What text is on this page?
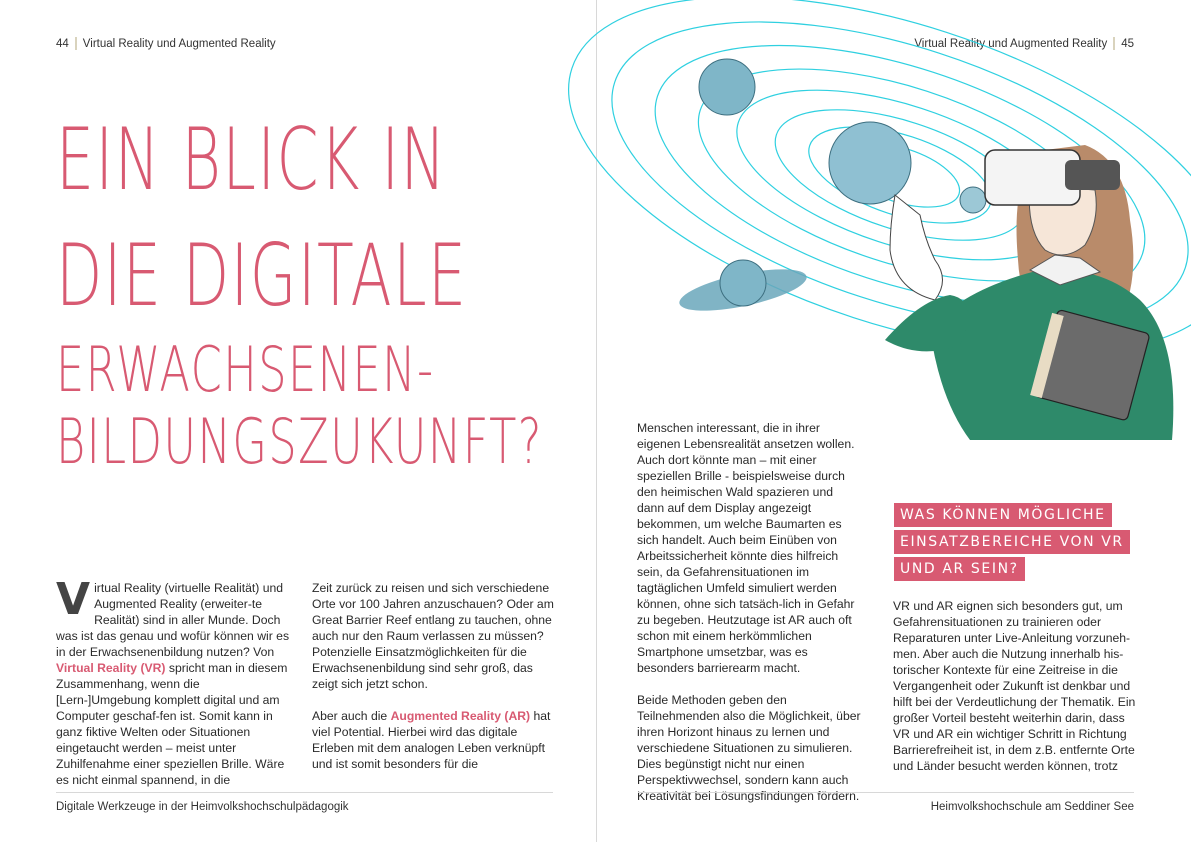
44 Virtual Reality und Augmented Reality
EIN BLICK IN
DIE DIGITALE
ERWACHSENEN-
BILDUNGSZUKUNFT?

Virtual Reality (virtuelle Realität) und Augmented Reality (erweiter-te Realität) sind in aller Munde. Doch was ist das genau und wofür können wir es in der Erwachsenenbildung nutzen? Von Virtual Reality (VR) spricht man in diesem Zusammenhang, wenn die [Lern-]Umgebung komplett digital und am Computer geschaf-fen ist. Somit kann in ganz fiktive Welten oder Situationen eingetaucht werden – meist unter Zuhilfenahme einer speziellen Brille. Wäre es nicht einmal spannend, in die

Zeit zurück zu reisen und sich verschiedene Orte vor 100 Jahren anzuschauen? Oder am Great Barrier Reef entlang zu tauchen, ohne auch nur den Raum verlassen zu müssen? Potenzielle Einsatzmöglichkeiten für die Erwachsenenbildung sind sehr groß, das zeigt sich jetzt schon.

Aber auch die Augmented Reality (AR) hat viel Potential. Hierbei wird das digitale Erleben mit dem analogen Leben verknüpft und ist somit besonders für die

Digitale Werkzeuge in der Heimvolkshochschulpädagogik
Virtual Reality und Augmented Reality 45

Menschen interessant, die in ihrer eigenen Lebensrealität ansetzen wollen. Auch dort könnte man – mit einer speziellen Brille - beispielsweise durch den heimischen Wald spazieren und dann auf dem Display angezeigt bekommen, um welche Baumarten es sich handelt. Auch beim Einüben von Arbeitssicherheit könnte dies hilfreich sein, da Gefahrensituationen im tagtäglichen Umfeld simuliert werden können, ohne sich tatsäch-lich in Gefahr zu begeben. Heutzutage ist AR auch oft schon mit einem herkömmlichen Smartphone umsetzbar, was es besonders barrierearm macht.

Beide Methoden geben den Teilnehmenden also die Möglichkeit, über ihren Horizont hinaus zu lernen und verschiedene Situationen zu simulieren. Dies begünstigt nicht nur einen Perspektivwechsel, sondern kann auch Kreativität bei Lösungsfindungen fördern.

WAS KÖNNEN MÖGLICHE
EINSATZBEREICHE VON VR
UND AR SEIN?

VR und AR eignen sich besonders gut, um Gefahrensituationen zu trainieren oder Reparaturen unter Live-Anleitung vorzuneh-men. Aber auch die Nutzung innerhalb his-torischer Kontexte für eine Zeitreise in die Vergangenheit oder Zukunft ist denkbar und hilft bei der Verdeutlichung der Thematik. Ein großer Vorteil besteht weiterhin darin, dass VR und AR ein wichtiger Schritt in Richtung Barrierefreiheit ist, in dem z.B. entfernte Orte und Länder besucht werden können, trotz

Heimvolkshochschule am Seddiner See
